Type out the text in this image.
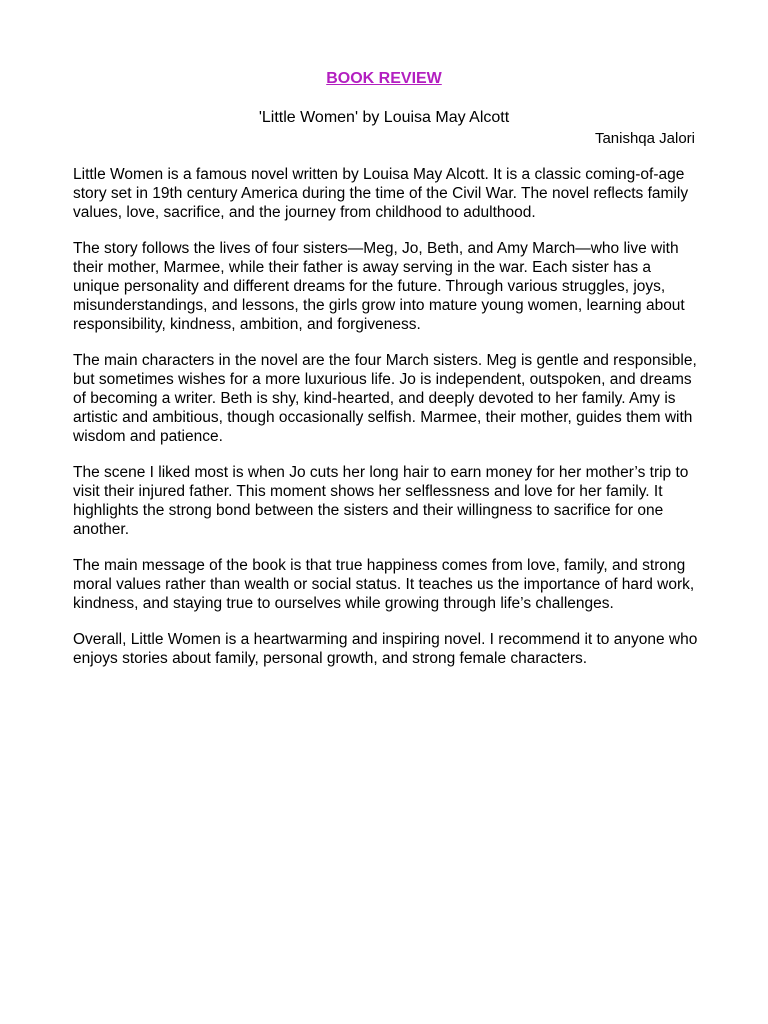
BOOK REVIEW
'Little Women' by Louisa May Alcott
Tanishqa Jalori

Little Women is a famous novel written by Louisa May Alcott. It is a classic coming-of-age story set in 19th century America during the time of the Civil War. The novel reflects family values, love, sacrifice, and the journey from childhood to adulthood.

The story follows the lives of four sisters—Meg, Jo, Beth, and Amy March—who live with their mother, Marmee, while their father is away serving in the war. Each sister has a unique personality and different dreams for the future. Through various struggles, joys, misunderstandings, and lessons, the girls grow into mature young women, learning about responsibility, kindness, ambition, and forgiveness.

The main characters in the novel are the four March sisters. Meg is gentle and responsible, but sometimes wishes for a more luxurious life. Jo is independent, outspoken, and dreams of becoming a writer. Beth is shy, kind-hearted, and deeply devoted to her family. Amy is artistic and ambitious, though occasionally selfish. Marmee, their mother, guides them with wisdom and patience.

The scene I liked most is when Jo cuts her long hair to earn money for her mother’s trip to visit their injured father. This moment shows her selflessness and love for her family. It highlights the strong bond between the sisters and their willingness to sacrifice for one another.

The main message of the book is that true happiness comes from love, family, and strong moral values rather than wealth or social status. It teaches us the importance of hard work, kindness, and staying true to ourselves while growing through life’s challenges.

Overall, Little Women is a heartwarming and inspiring novel. I recommend it to anyone who enjoys stories about family, personal growth, and strong female characters.
